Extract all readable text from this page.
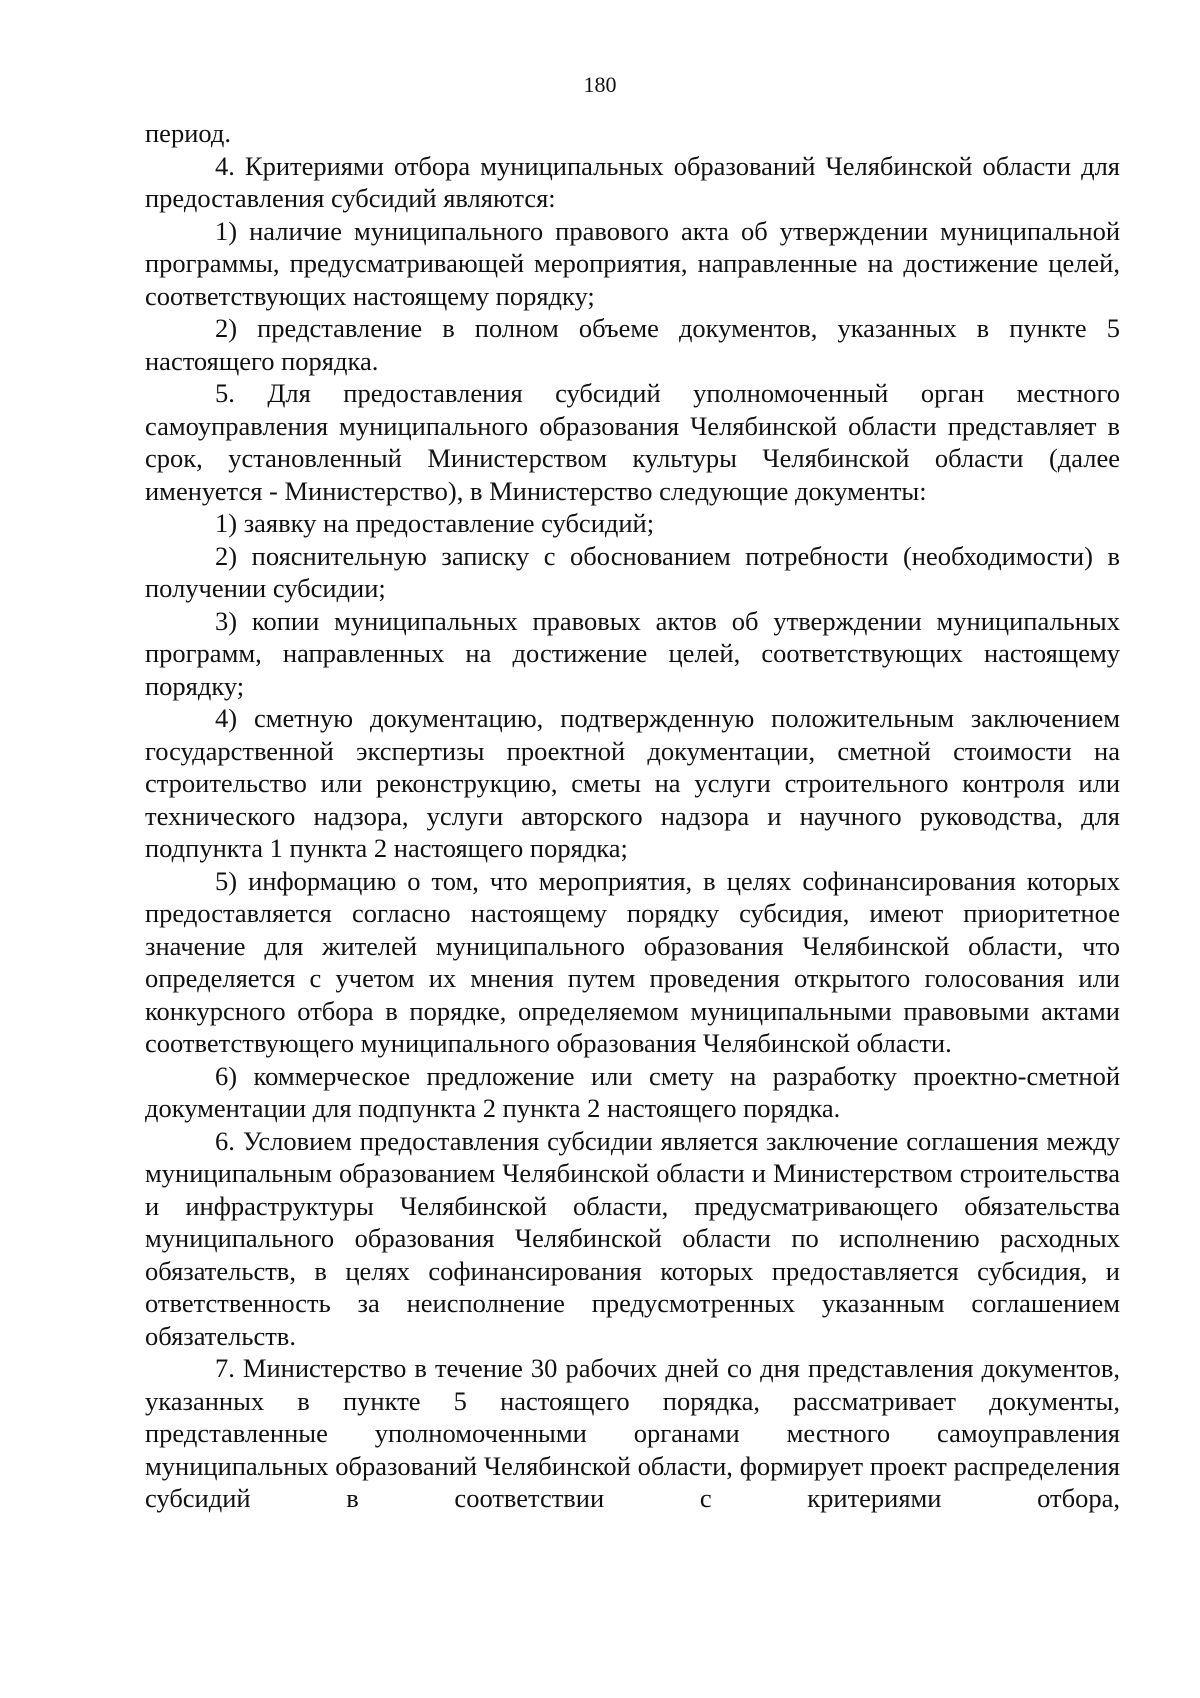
180

период.

4. Критериями отбора муниципальных образований Челябинской области для предоставления субсидий являются:

1) наличие муниципального правового акта об утверждении муниципальной программы, предусматривающей мероприятия, направленные на достижение целей, соответствующих настоящему порядку;

2) представление в полном объеме документов, указанных в пункте 5 настоящего порядка.

5. Для предоставления субсидий уполномоченный орган местного самоуправления муниципального образования Челябинской области представляет в срок, установленный Министерством культуры Челябинской области (далее именуется - Министерство), в Министерство следующие документы:

1) заявку на предоставление субсидий;

2) пояснительную записку с обоснованием потребности (необходимости) в получении субсидии;

3) копии муниципальных правовых актов об утверждении муниципальных программ, направленных на достижение целей, соответствующих настоящему порядку;

4) сметную документацию, подтвержденную положительным заключением государственной экспертизы проектной документации, сметной стоимости на строительство или реконструкцию, сметы на услуги строительного контроля или технического надзора, услуги авторского надзора и научного руководства, для подпункта 1 пункта 2 настоящего порядка;

5) информацию о том, что мероприятия, в целях софинансирования которых предоставляется согласно настоящему порядку субсидия, имеют приоритетное значение для жителей муниципального образования Челябинской области, что определяется с учетом их мнения путем проведения открытого голосования или конкурсного отбора в порядке, определяемом муниципальными правовыми актами соответствующего муниципального образования Челябинской области.

6) коммерческое предложение или смету на разработку проектно-сметной документации для подпункта 2 пункта 2 настоящего порядка.

6. Условием предоставления субсидии является заключение соглашения между муниципальным образованием Челябинской области и Министерством строительства и инфраструктуры Челябинской области, предусматривающего обязательства муниципального образования Челябинской области по исполнению расходных обязательств, в целях софинансирования которых предоставляется субсидия, и ответственность за неисполнение предусмотренных указанным соглашением обязательств.

7. Министерство в течение 30 рабочих дней со дня представления документов, указанных в пункте 5 настоящего порядка, рассматривает документы, представленные уполномоченными органами местного самоуправления муниципальных образований Челябинской области, формирует проект распределения субсидий в соответствии с критериями отбора,
